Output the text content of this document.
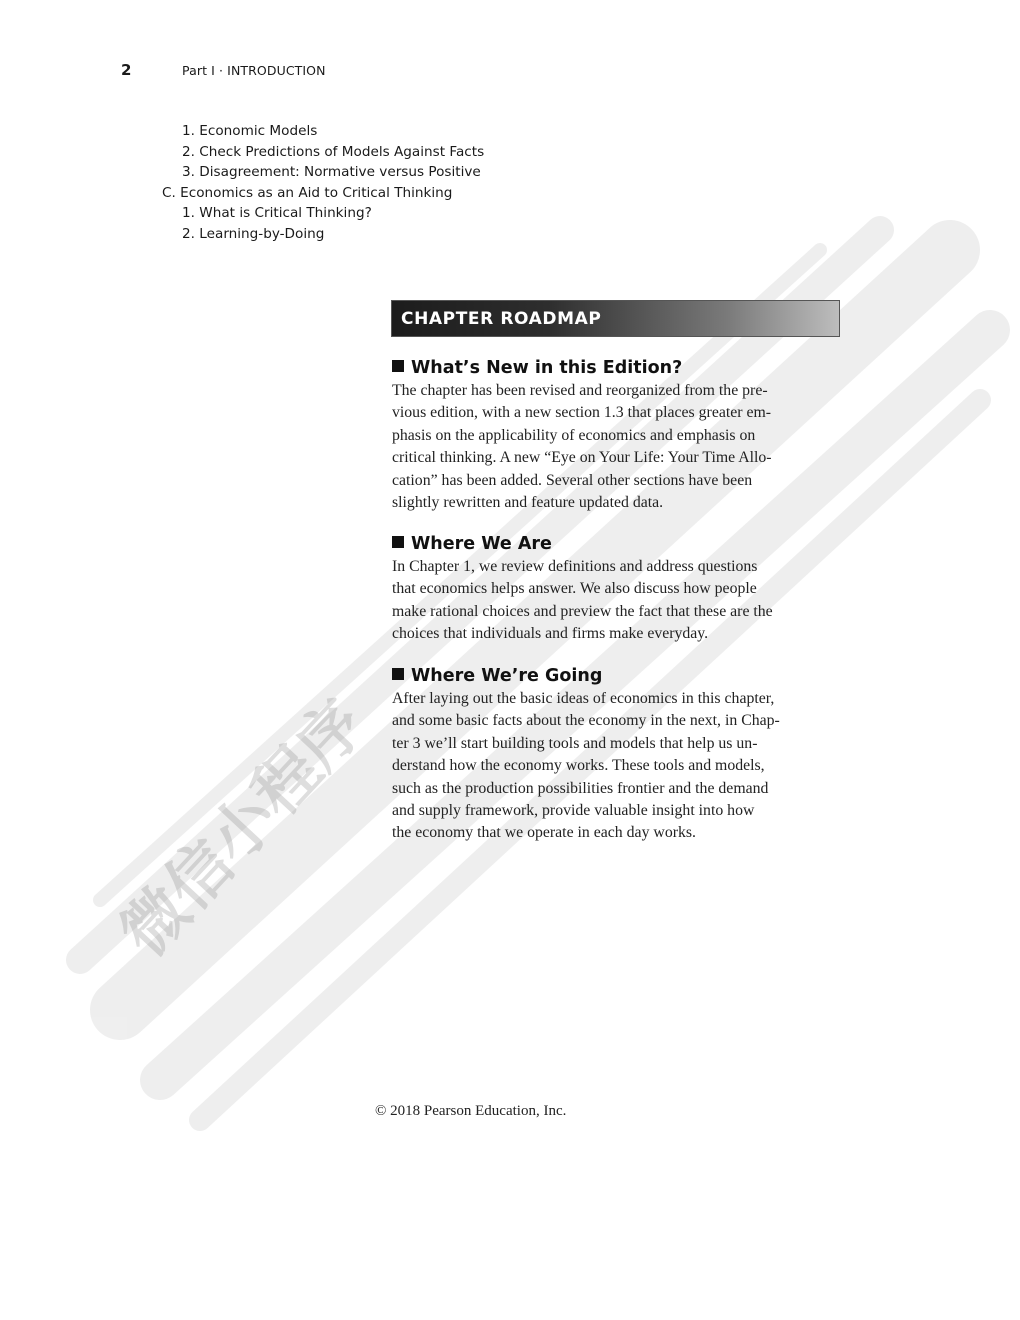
微信小程序
2	Part I · INTRODUCTION
1. Economic Models
2. Check Predictions of Models Against Facts
3. Disagreement: Normative versus Positive
C. Economics as an Aid to Critical Thinking
1. What is Critical Thinking?
2. Learning-by-Doing
CHAPTER ROADMAP
What’s New in this Edition?

The chapter has been revised and reorganized from the pre-

vious edition, with a new section 1.3 that places greater em-

phasis on the applicability of economics and emphasis on

critical thinking. A new “Eye on Your Life: Your Time Allo-

cation” has been added. Several other sections have been

slightly rewritten and feature updated data.

Where We Are

In Chapter 1, we review definitions and address questions

that economics helps answer. We also discuss how people

make rational choices and preview the fact that these are the

choices that individuals and firms make everyday.

Where We’re Going

After laying out the basic ideas of economics in this chapter,

and some basic facts about the economy in the next, in Chap-

ter 3 we’ll start building tools and models that help us un-

derstand how the economy works. These tools and models,

such as the production possibilities frontier and the demand

and supply framework, provide valuable insight into how

the economy that we operate in each day works.

© 2018 Pearson Education, Inc.
